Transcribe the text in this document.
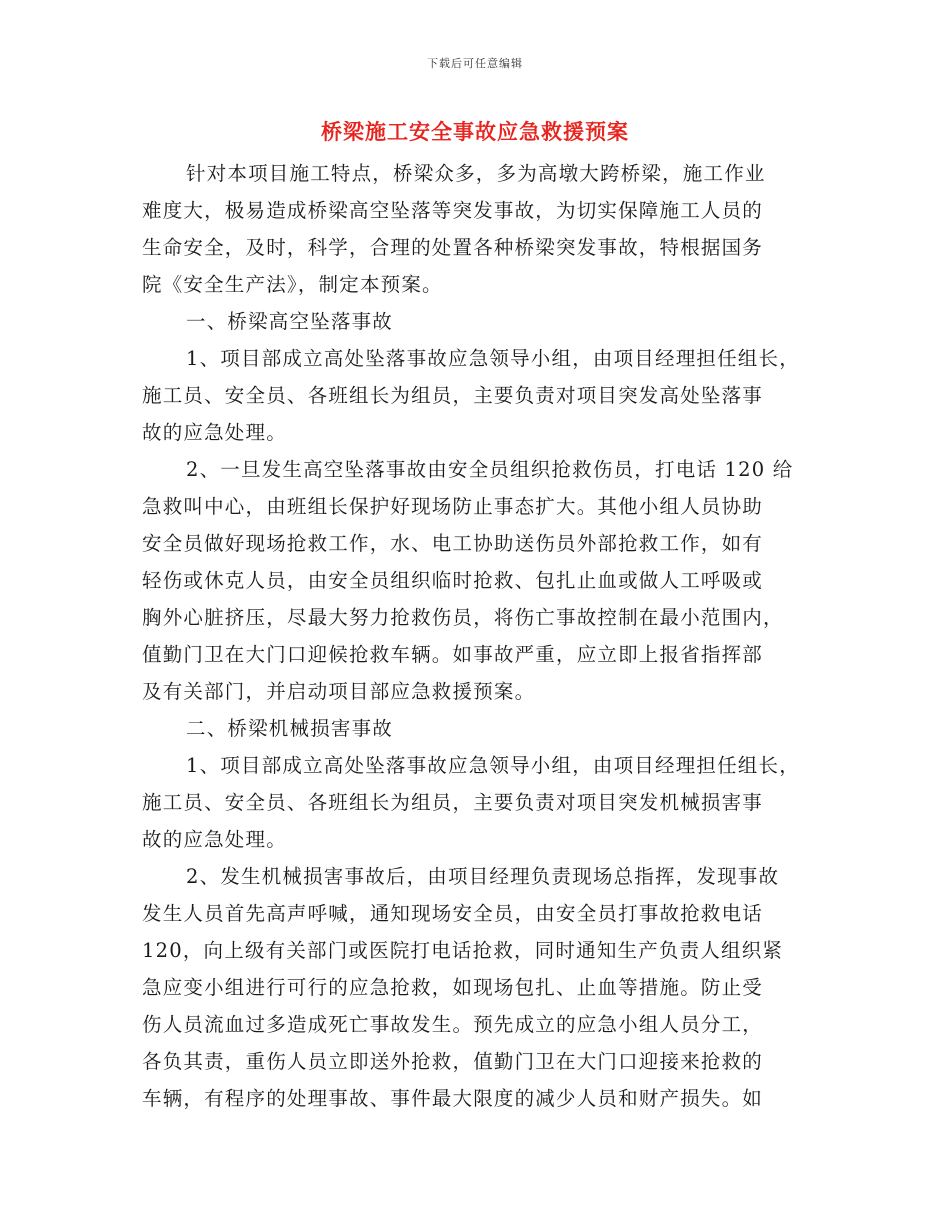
下载后可任意编辑
桥梁施工安全事故应急救援预案
针对本项目施工特点，桥梁众多，多为高墩大跨桥梁，施工作业
难度大，极易造成桥梁高空坠落等突发事故，为切实保障施工人员的
生命安全，及时，科学，合理的处置各种桥梁突发事故，特根据国务
院《安全生产法》，制定本预案。
一、桥梁高空坠落事故
1、项目部成立高处坠落事故应急领导小组，由项目经理担任组长，
施工员、安全员、各班组长为组员，主要负责对项目突发高处坠落事
故的应急处理。
2、一旦发生高空坠落事故由安全员组织抢救伤员，打电话 120 给
急救叫中心，由班组长保护好现场防止事态扩大。其他小组人员协助
安全员做好现场抢救工作，水、电工协助送伤员外部抢救工作，如有
轻伤或休克人员，由安全员组织临时抢救、包扎止血或做人工呼吸或
胸外心脏挤压，尽最大努力抢救伤员，将伤亡事故控制在最小范围内，
值勤门卫在大门口迎候抢救车辆。如事故严重，应立即上报省指挥部
及有关部门，并启动项目部应急救援预案。
二、桥梁机械损害事故
1、项目部成立高处坠落事故应急领导小组，由项目经理担任组长，
施工员、安全员、各班组长为组员，主要负责对项目突发机械损害事
故的应急处理。
2、发生机械损害事故后，由项目经理负责现场总指挥，发现事故
发生人员首先高声呼喊，通知现场安全员，由安全员打事故抢救电话
120，向上级有关部门或医院打电话抢救，同时通知生产负责人组织紧
急应变小组进行可行的应急抢救，如现场包扎、止血等措施。防止受
伤人员流血过多造成死亡事故发生。预先成立的应急小组人员分工，
各负其责，重伤人员立即送外抢救，值勤门卫在大门口迎接来抢救的
车辆，有程序的处理事故、事件最大限度的减少人员和财产损失。如
